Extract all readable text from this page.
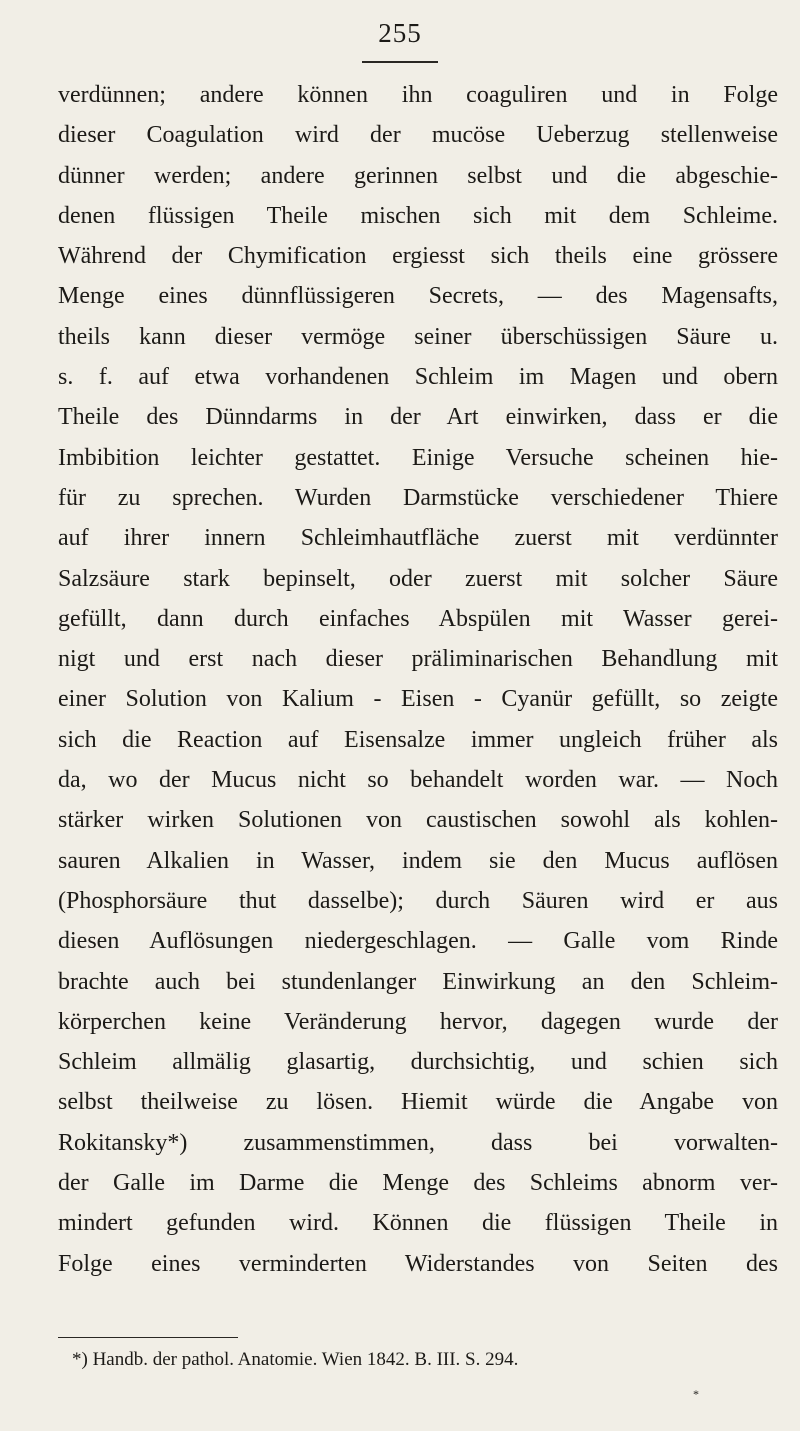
255
verdünnen; andere können ihn coaguliren und in Folge
dieser Coagulation wird der mucöse Ueberzug stellenweise
dünner werden; andere gerinnen selbst und die abgeschie-
denen flüssigen Theile mischen sich mit dem Schleime.
Während der Chymification ergiesst sich theils eine grössere
Menge eines dünnflüssigeren Secrets, — des Magensafts,
theils kann dieser vermöge seiner überschüssigen Säure u.
s. f. auf etwa vorhandenen Schleim im Magen und obern
Theile des Dünndarms in der Art einwirken, dass er die
Imbibition leichter gestattet. Einige Versuche scheinen hie-
für zu sprechen. Wurden Darmstücke verschiedener Thiere
auf ihrer innern Schleimhautfläche zuerst mit verdünnter
Salzsäure stark bepinselt, oder zuerst mit solcher Säure
gefüllt, dann durch einfaches Abspülen mit Wasser gerei-
nigt und erst nach dieser präliminarischen Behandlung mit
einer Solution von Kalium - Eisen - Cyanür gefüllt, so zeigte
sich die Reaction auf Eisensalze immer ungleich früher als
da, wo der Mucus nicht so behandelt worden war. — Noch
stärker wirken Solutionen von caustischen sowohl als kohlen-
sauren Alkalien in Wasser, indem sie den Mucus auflösen
(Phosphorsäure thut dasselbe); durch Säuren wird er aus
diesen Auflösungen niedergeschlagen. — Galle vom Rinde
brachte auch bei stundenlanger Einwirkung an den Schleim-
körperchen keine Veränderung hervor, dagegen wurde der
Schleim allmälig glasartig, durchsichtig, und schien sich
selbst theilweise zu lösen. Hiemit würde die Angabe von
Rokitansky*) zusammenstimmen, dass bei vorwalten-
der Galle im Darme die Menge des Schleims abnorm ver-
mindert gefunden wird. Können die flüssigen Theile in
Folge eines verminderten Widerstandes von Seiten des
*) Handb. der pathol. Anatomie. Wien 1842. B. III. S. 294.
*
